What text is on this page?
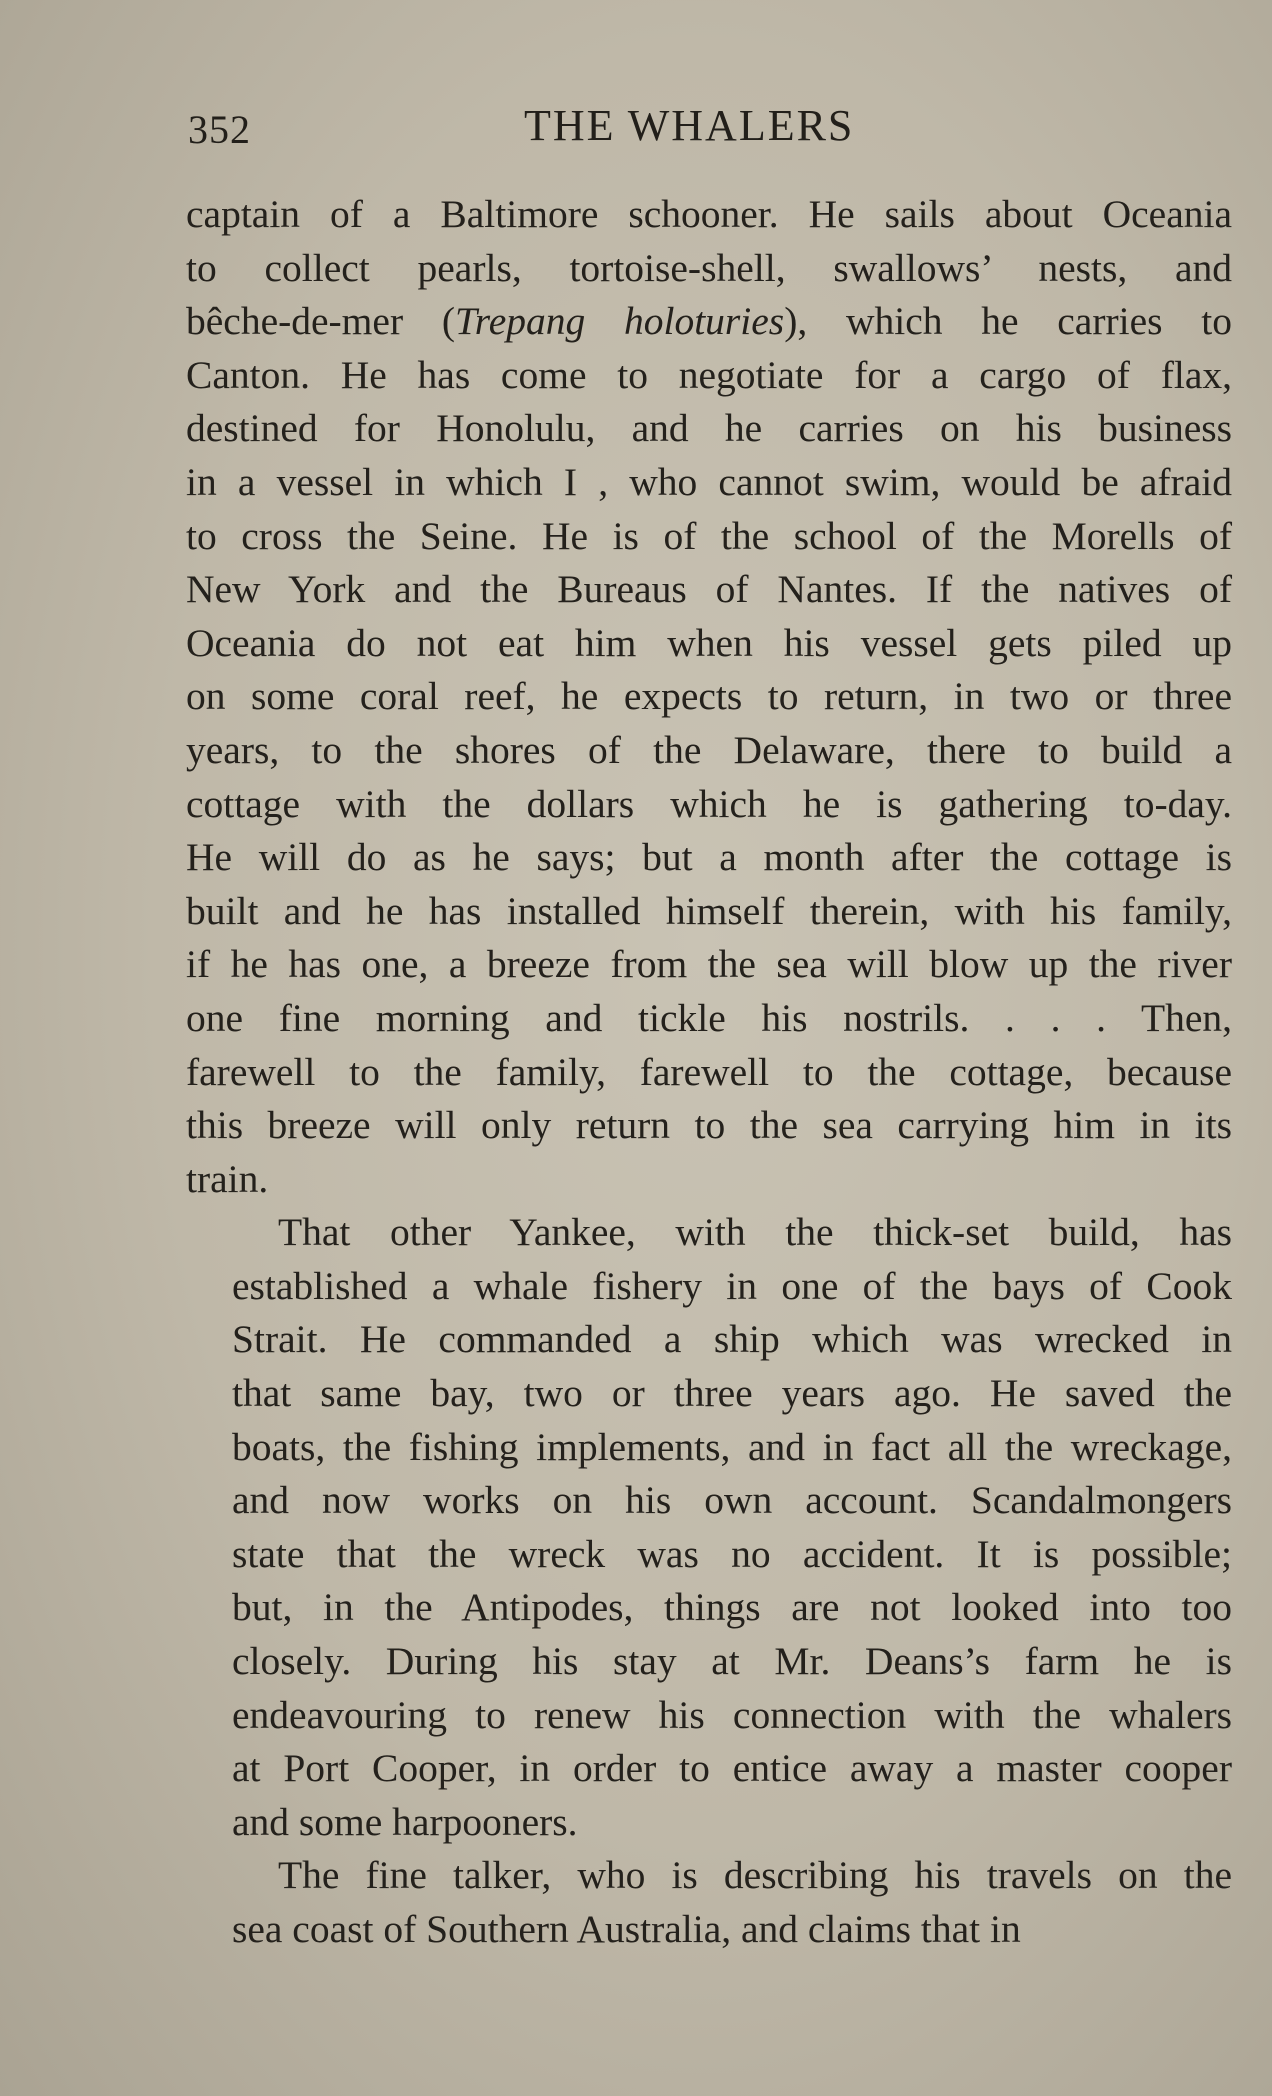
352	THE WHALERS
captain of a Baltimore schooner. He sails about Oceania
to collect pearls, tortoise-shell, swallows’ nests, and
bêche-de-mer (Trepang holoturies), which he carries to
Canton. He has come to negotiate for a cargo of flax,
destined for Honolulu, and he carries on his business
in a vessel in which I , who cannot swim, would be afraid
to cross the Seine. He is of the school of the Morells of
New York and the Bureaus of Nantes. If the natives of
Oceania do not eat him when his vessel gets piled up
on some coral reef, he expects to return, in two or three
years, to the shores of the Delaware, there to build a
cottage with the dollars which he is gathering to-day.
He will do as he says; but a month after the cottage is
built and he has installed himself therein, with his family,
if he has one, a breeze from the sea will blow up the river
one fine morning and tickle his nostrils. . . . Then,
farewell to the family, farewell to the cottage, because
this breeze will only return to the sea carrying him in its
train.
That other Yankee, with the thick-set build, has
established a whale fishery in one of the bays of Cook
Strait. He commanded a ship which was wrecked in
that same bay, two or three years ago. He saved the
boats, the fishing implements, and in fact all the wreckage,
and now works on his own account. Scandalmongers
state that the wreck was no accident. It is possible;
but, in the Antipodes, things are not looked into too
closely. During his stay at Mr. Deans’s farm he is
endeavouring to renew his connection with the whalers
at Port Cooper, in order to entice away a master cooper
and some harpooners.
The fine talker, who is describing his travels on the
sea coast of Southern Australia, and claims that in
